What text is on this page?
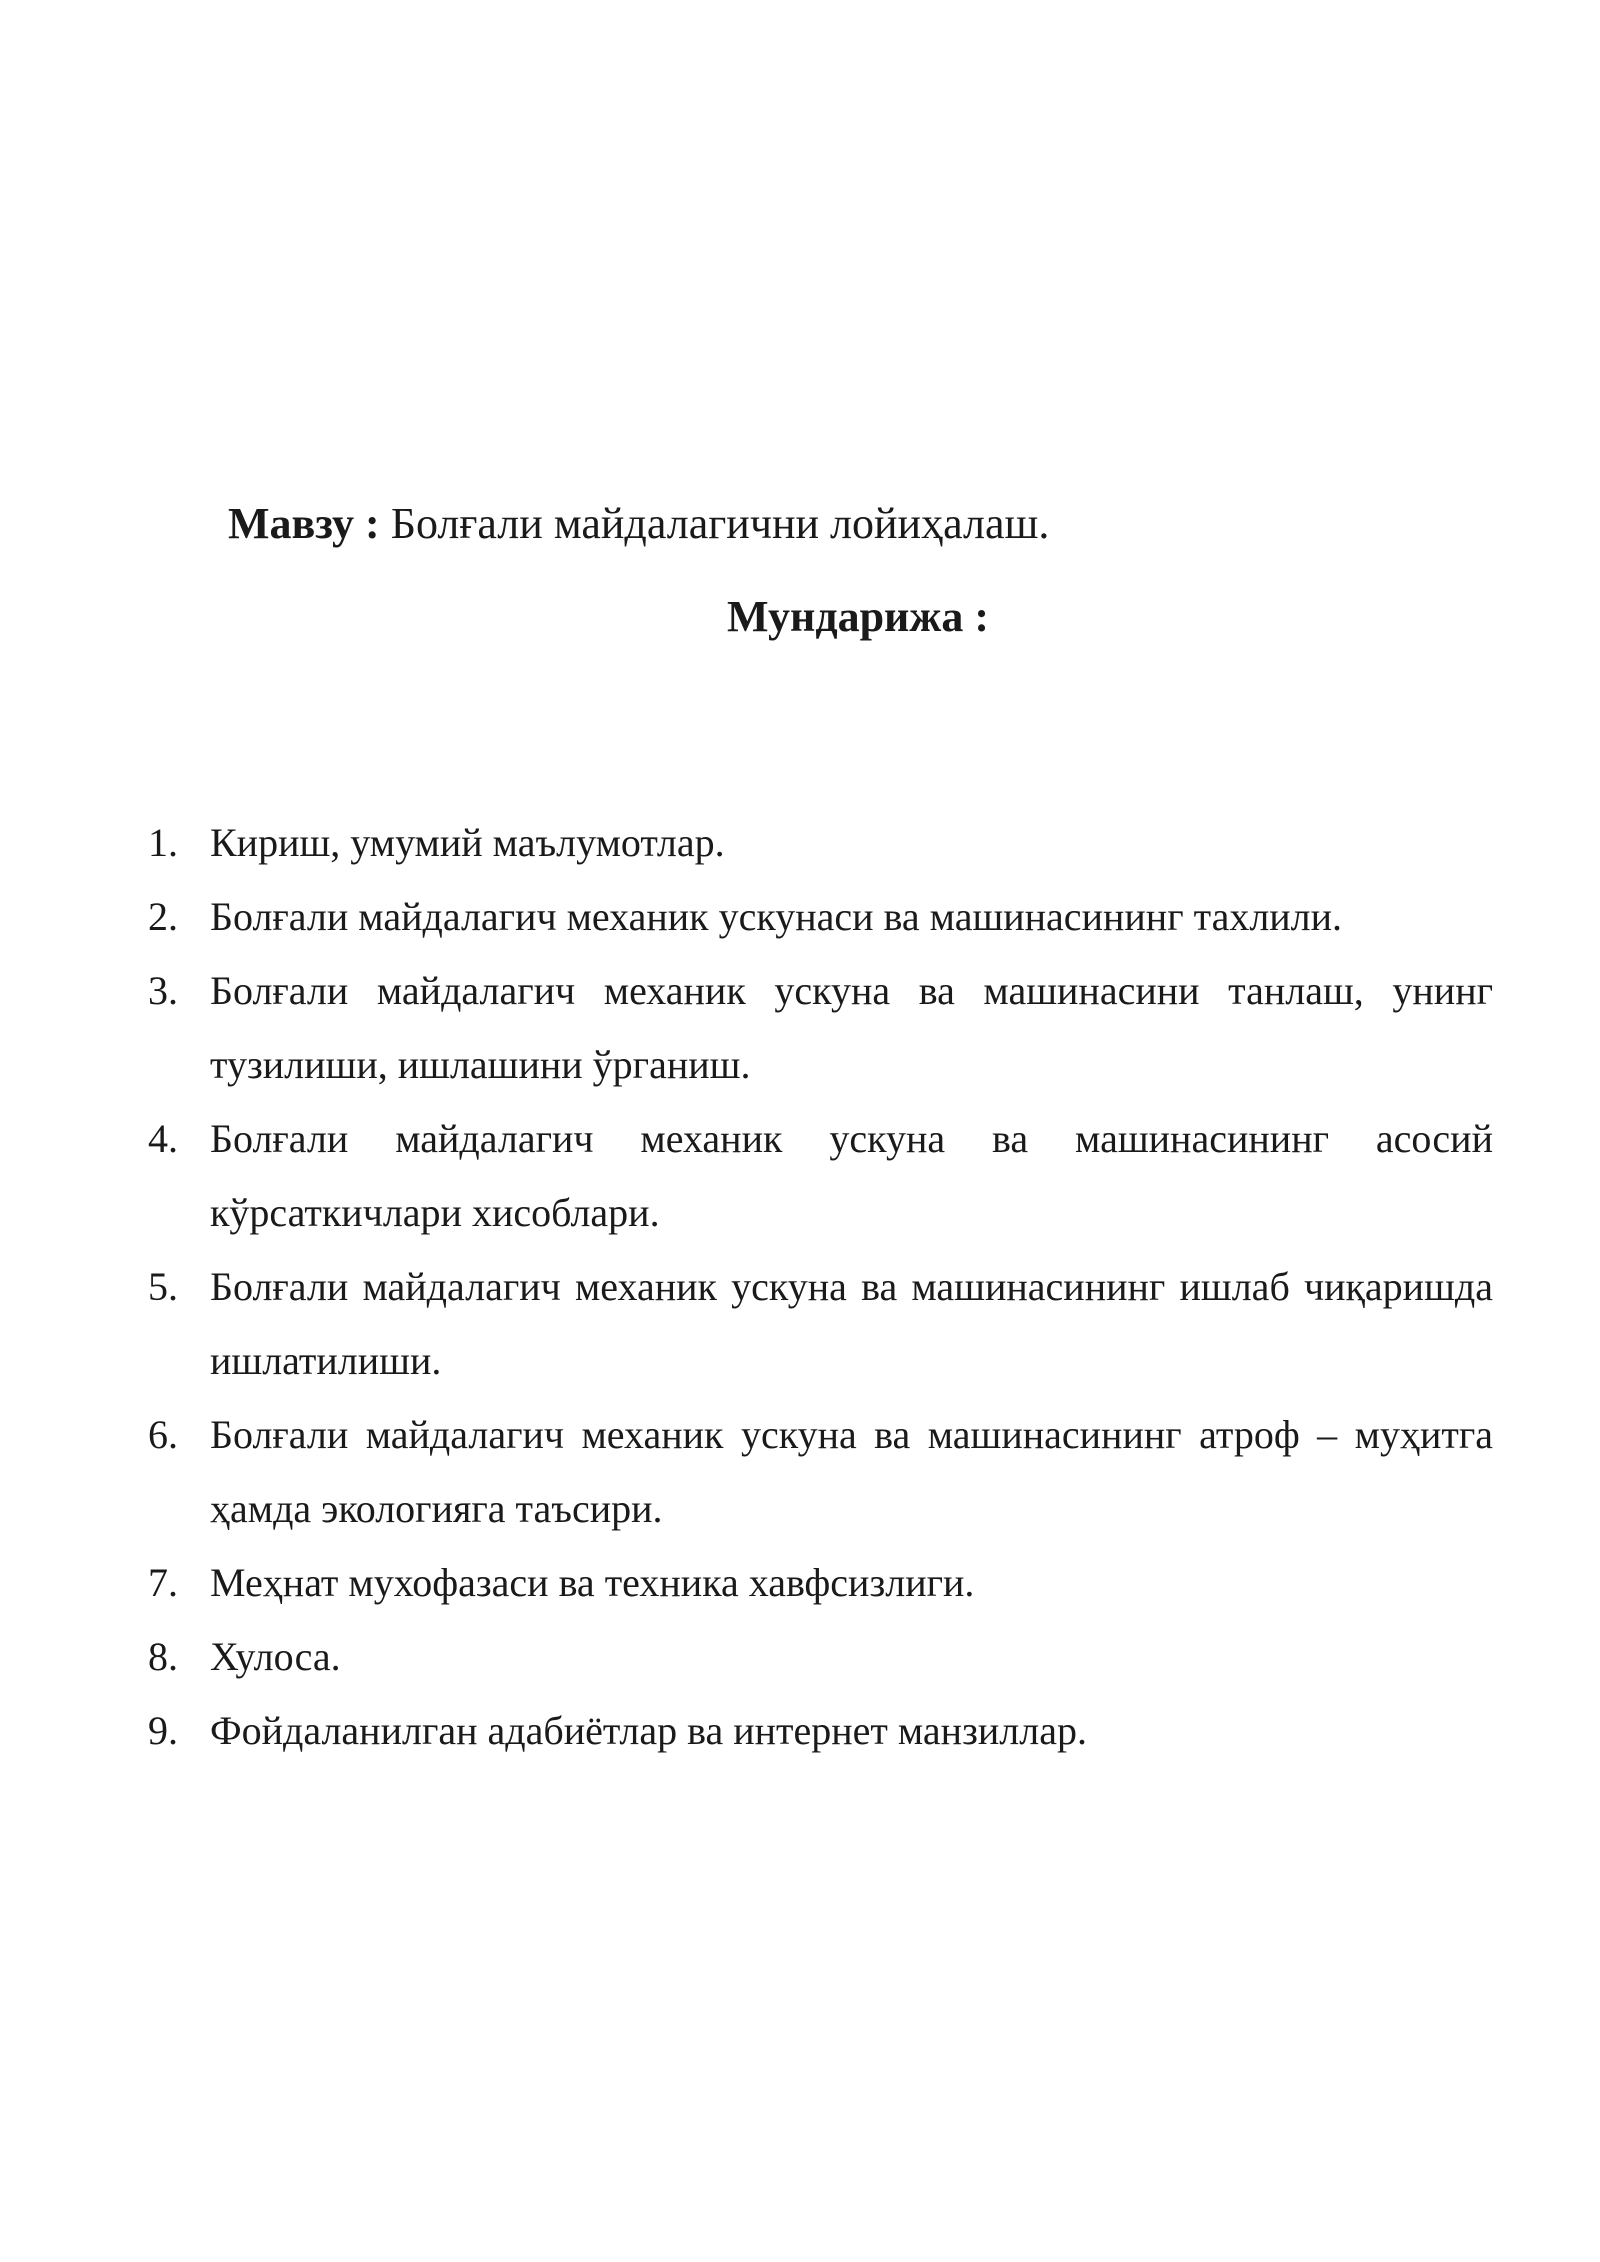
Мавзу : Болғали майдалагични лойиҳалаш.
Мундарижа :
1. Кириш, умумий маълумотлар.
2. Болғали майдалагич механик ускунаси ва машинасининг тахлили.
3. Болғали майдалагич механик ускуна ва машинасини танлаш, унинг тузилиши, ишлашини ўрганиш.
4. Болғали майдалагич механик ускуна ва машинасининг асосий кўрсаткичлари хисоблари.
5. Болғали майдалагич механик ускуна ва машинасининг ишлаб чиқаришда ишлатилиши.
6. Болғали майдалагич механик ускуна ва машинасининг атроф – муҳитга ҳамда экологияга таъсири.
7. Меҳнат мухофазаси ва техника хавфсизлиги.
8. Хулоса.
9. Фойдаланилган адабиётлар ва интернет манзиллар.
